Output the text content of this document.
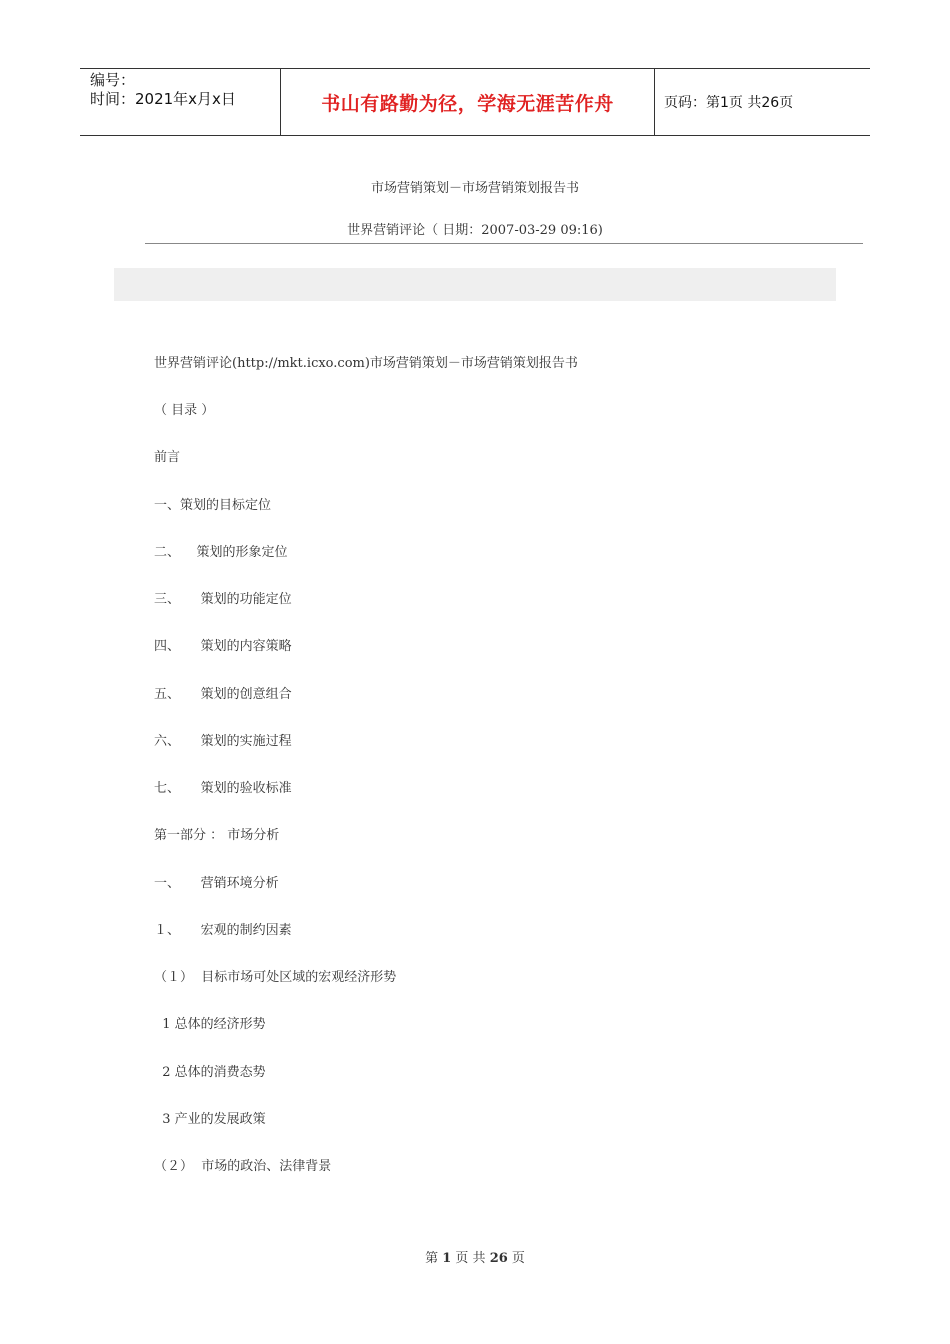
编号：
时间：2021年x月x日	书山有路勤为径，学海无涯苦作舟	页码：第1页 共26页
市场营销策划－市场营销策划报告书
世界营销评论（ 日期：2007-03-29 09:16)
世界营销评论(http://mkt.icxo.com)市场营销策划－市场营销策划报告书
（ 目录 ）
前言
一、策划的目标定位
二、    策划的形象定位
三、     策划的功能定位
四、     策划的内容策略
五、     策划的创意组合
六、     策划的实施过程
七、     策划的验收标准
第一部分 ： 市场分析
一、     营销环境分析
１、     宏观的制约因素
（１）  目标市场可处区域的宏观经济形势
1 总体的经济形势
2 总体的消费态势
3 产业的发展政策
（２）  市场的政治、法律背景
第 1 页 共 26 页
